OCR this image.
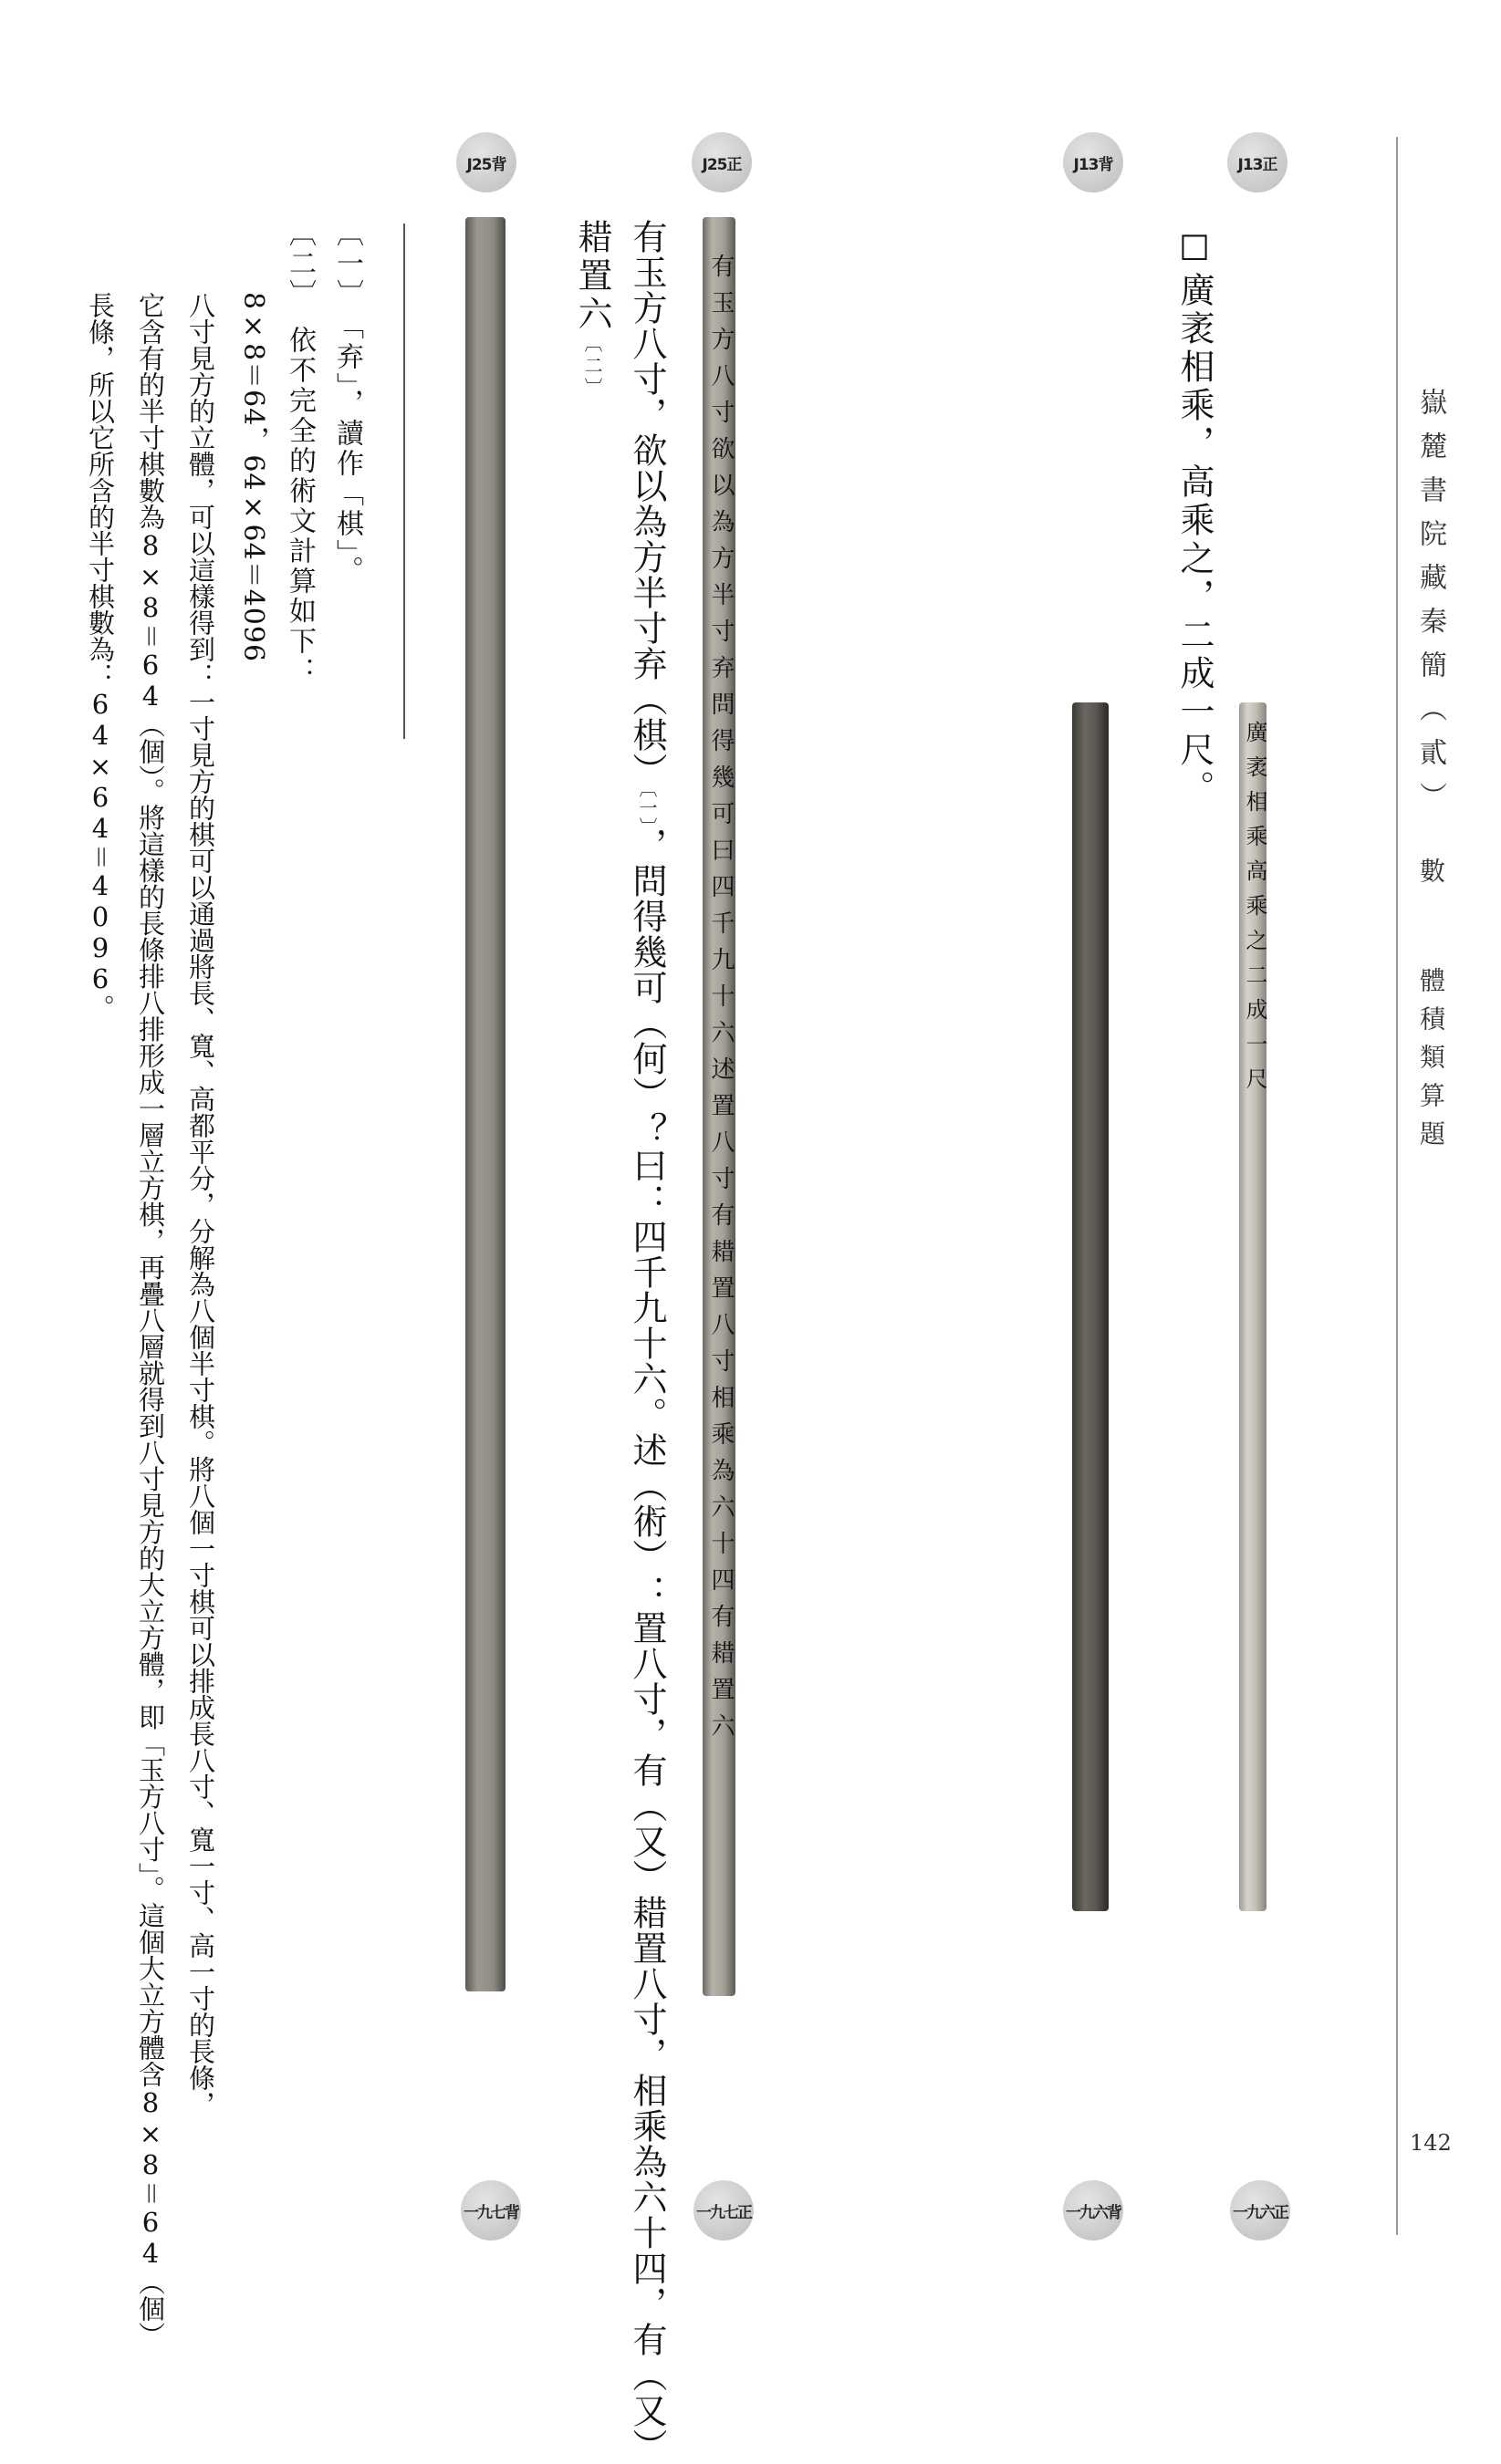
嶽麓書院藏秦簡（貳）
數
體積類算題
142
J13正
J13背
J25正
J25背
廣袤相乘高乘之二成一尺
有玉方八寸欲以為方半寸弃問得幾可曰四千九十六述置八寸有耤置八寸相乘為六十四有耤置六	☐廣袤相乘，高乘之，二成一尺。
有玉方八寸，欲以為方半寸弃（棋）〔一〕，問得幾可（何）？曰：四千九十六。述（術）：置八寸，有（又）耤置八寸，相乘為六十四，有（又）
耤置六〔二〕
〔一〕　「弃」，讀作「棋」。
〔二〕　依不完全的術文計算如下：
8×8＝64，64×64＝4096
八寸見方的立體，可以這樣得到：一寸見方的棋可以通過將長、寬、高都平分，分解為八個半寸棋。將八個一寸棋可以排成長八寸、寬一寸、高一寸的長條，
它含有的半寸棋數為8×8＝64（個）。將這樣的長條排八排形成一層立方棋，再疊八層就得到八寸見方的大立方體，即「玉方八寸」。這個大立方體含8×8＝64（個）
長條，所以它所含的半寸棋數為：64×64＝4096。
一九六正
一九六背
一九七正
一九七背
